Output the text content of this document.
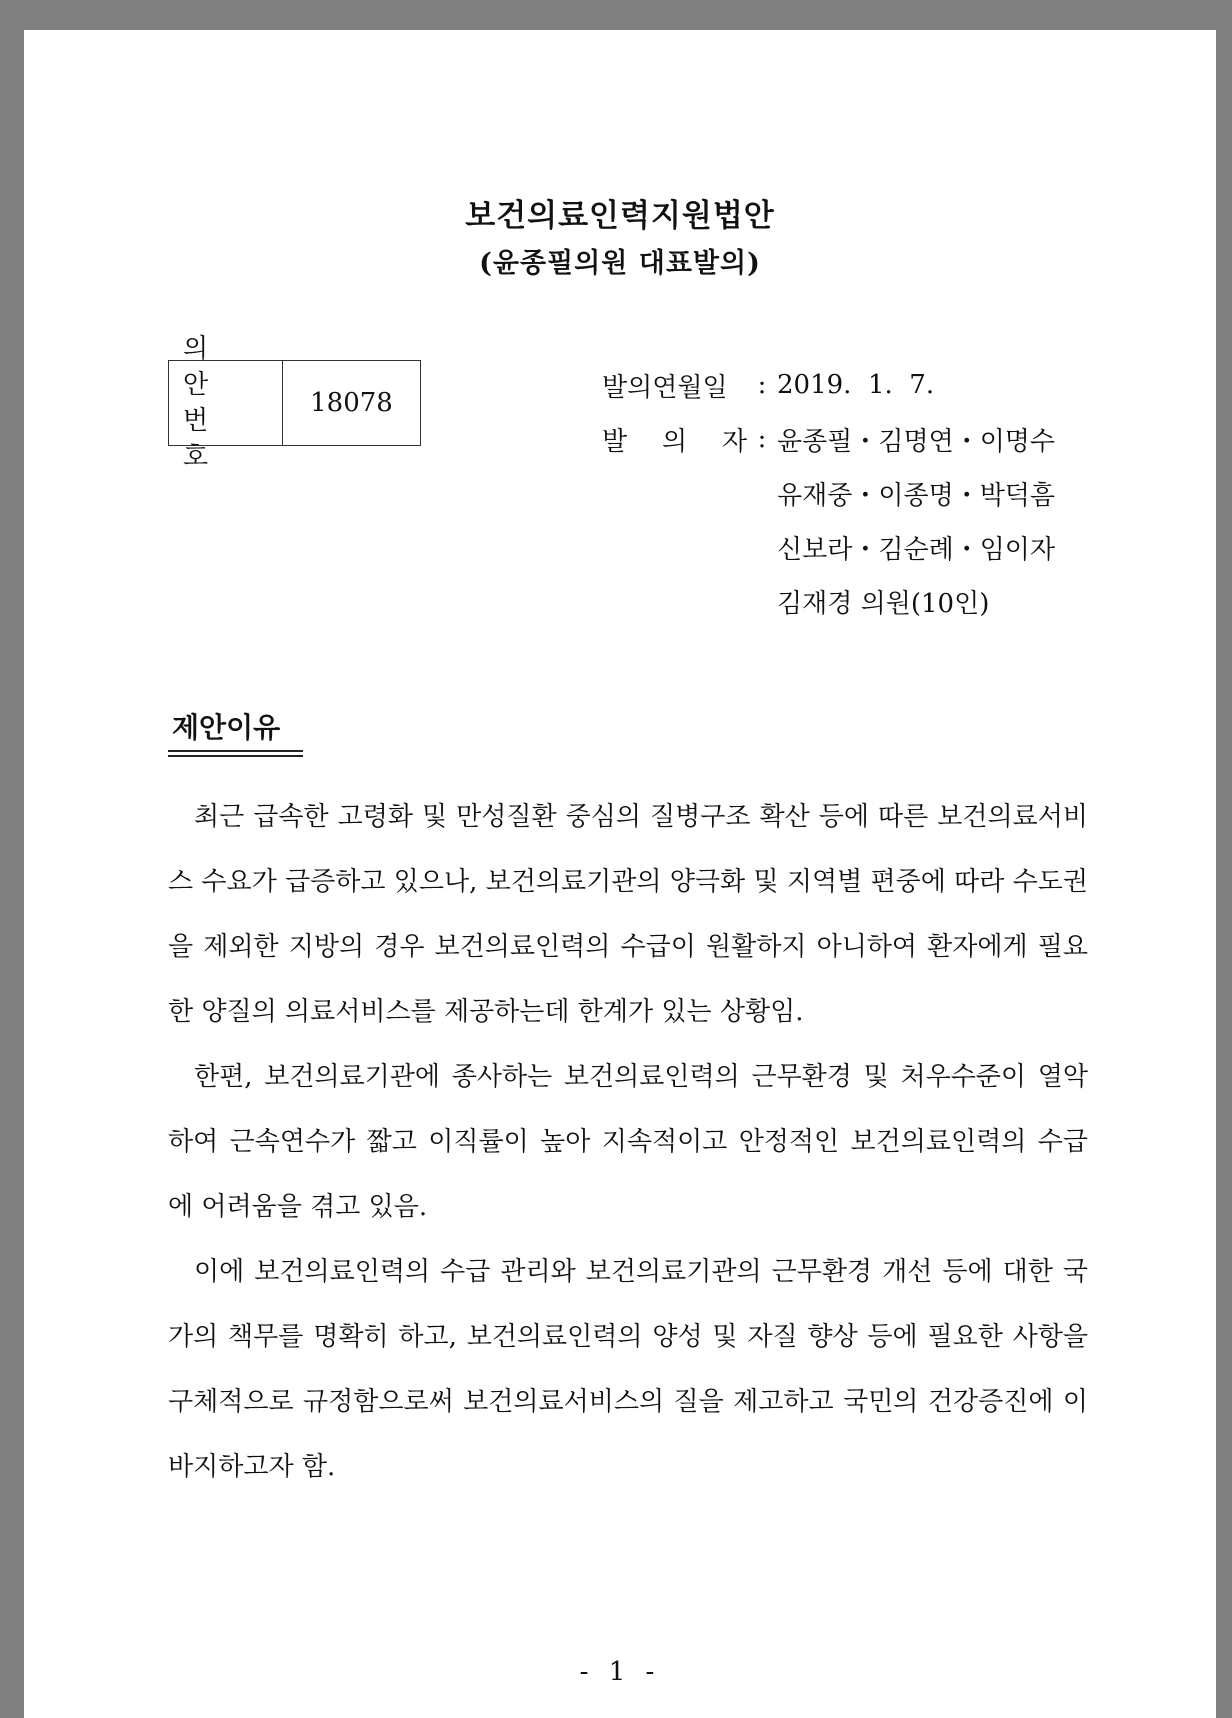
보건의료인력지원법안
(윤종필의원 대표발의)
의 안
번 호
18078
발의연월일	: 2019.  1.  7.
발 의 자 : 윤종필・김명연・이명수
유재중・이종명・박덕흠
신보라・김순례・임이자
김재경 의원(10인)
제안이유

최근 급속한 고령화 및 만성질환 중심의 질병구조 확산 등에 따른 보건의료서비스 수요가 급증하고 있으나, 보건의료기관의 양극화 및 지역별 편중에 따라 수도권을 제외한 지방의 경우 보건의료인력의 수급이 원활하지 아니하여 환자에게 필요한 양질의 의료서비스를 제공하는데 한계가 있는 상황임.

한편, 보건의료기관에 종사하는 보건의료인력의 근무환경 및 처우수준이 열악하여 근속연수가 짧고 이직률이 높아 지속적이고 안정적인 보건의료인력의 수급에 어려움을 겪고 있음.

이에 보건의료인력의 수급 관리와 보건의료기관의 근무환경 개선 등에 대한 국가의 책무를 명확히 하고, 보건의료인력의 양성 및 자질 향상 등에 필요한 사항을 구체적으로 규정함으로써 보건의료서비스의 질을 제고하고 국민의 건강증진에 이바지하고자 함.

- 1 -
